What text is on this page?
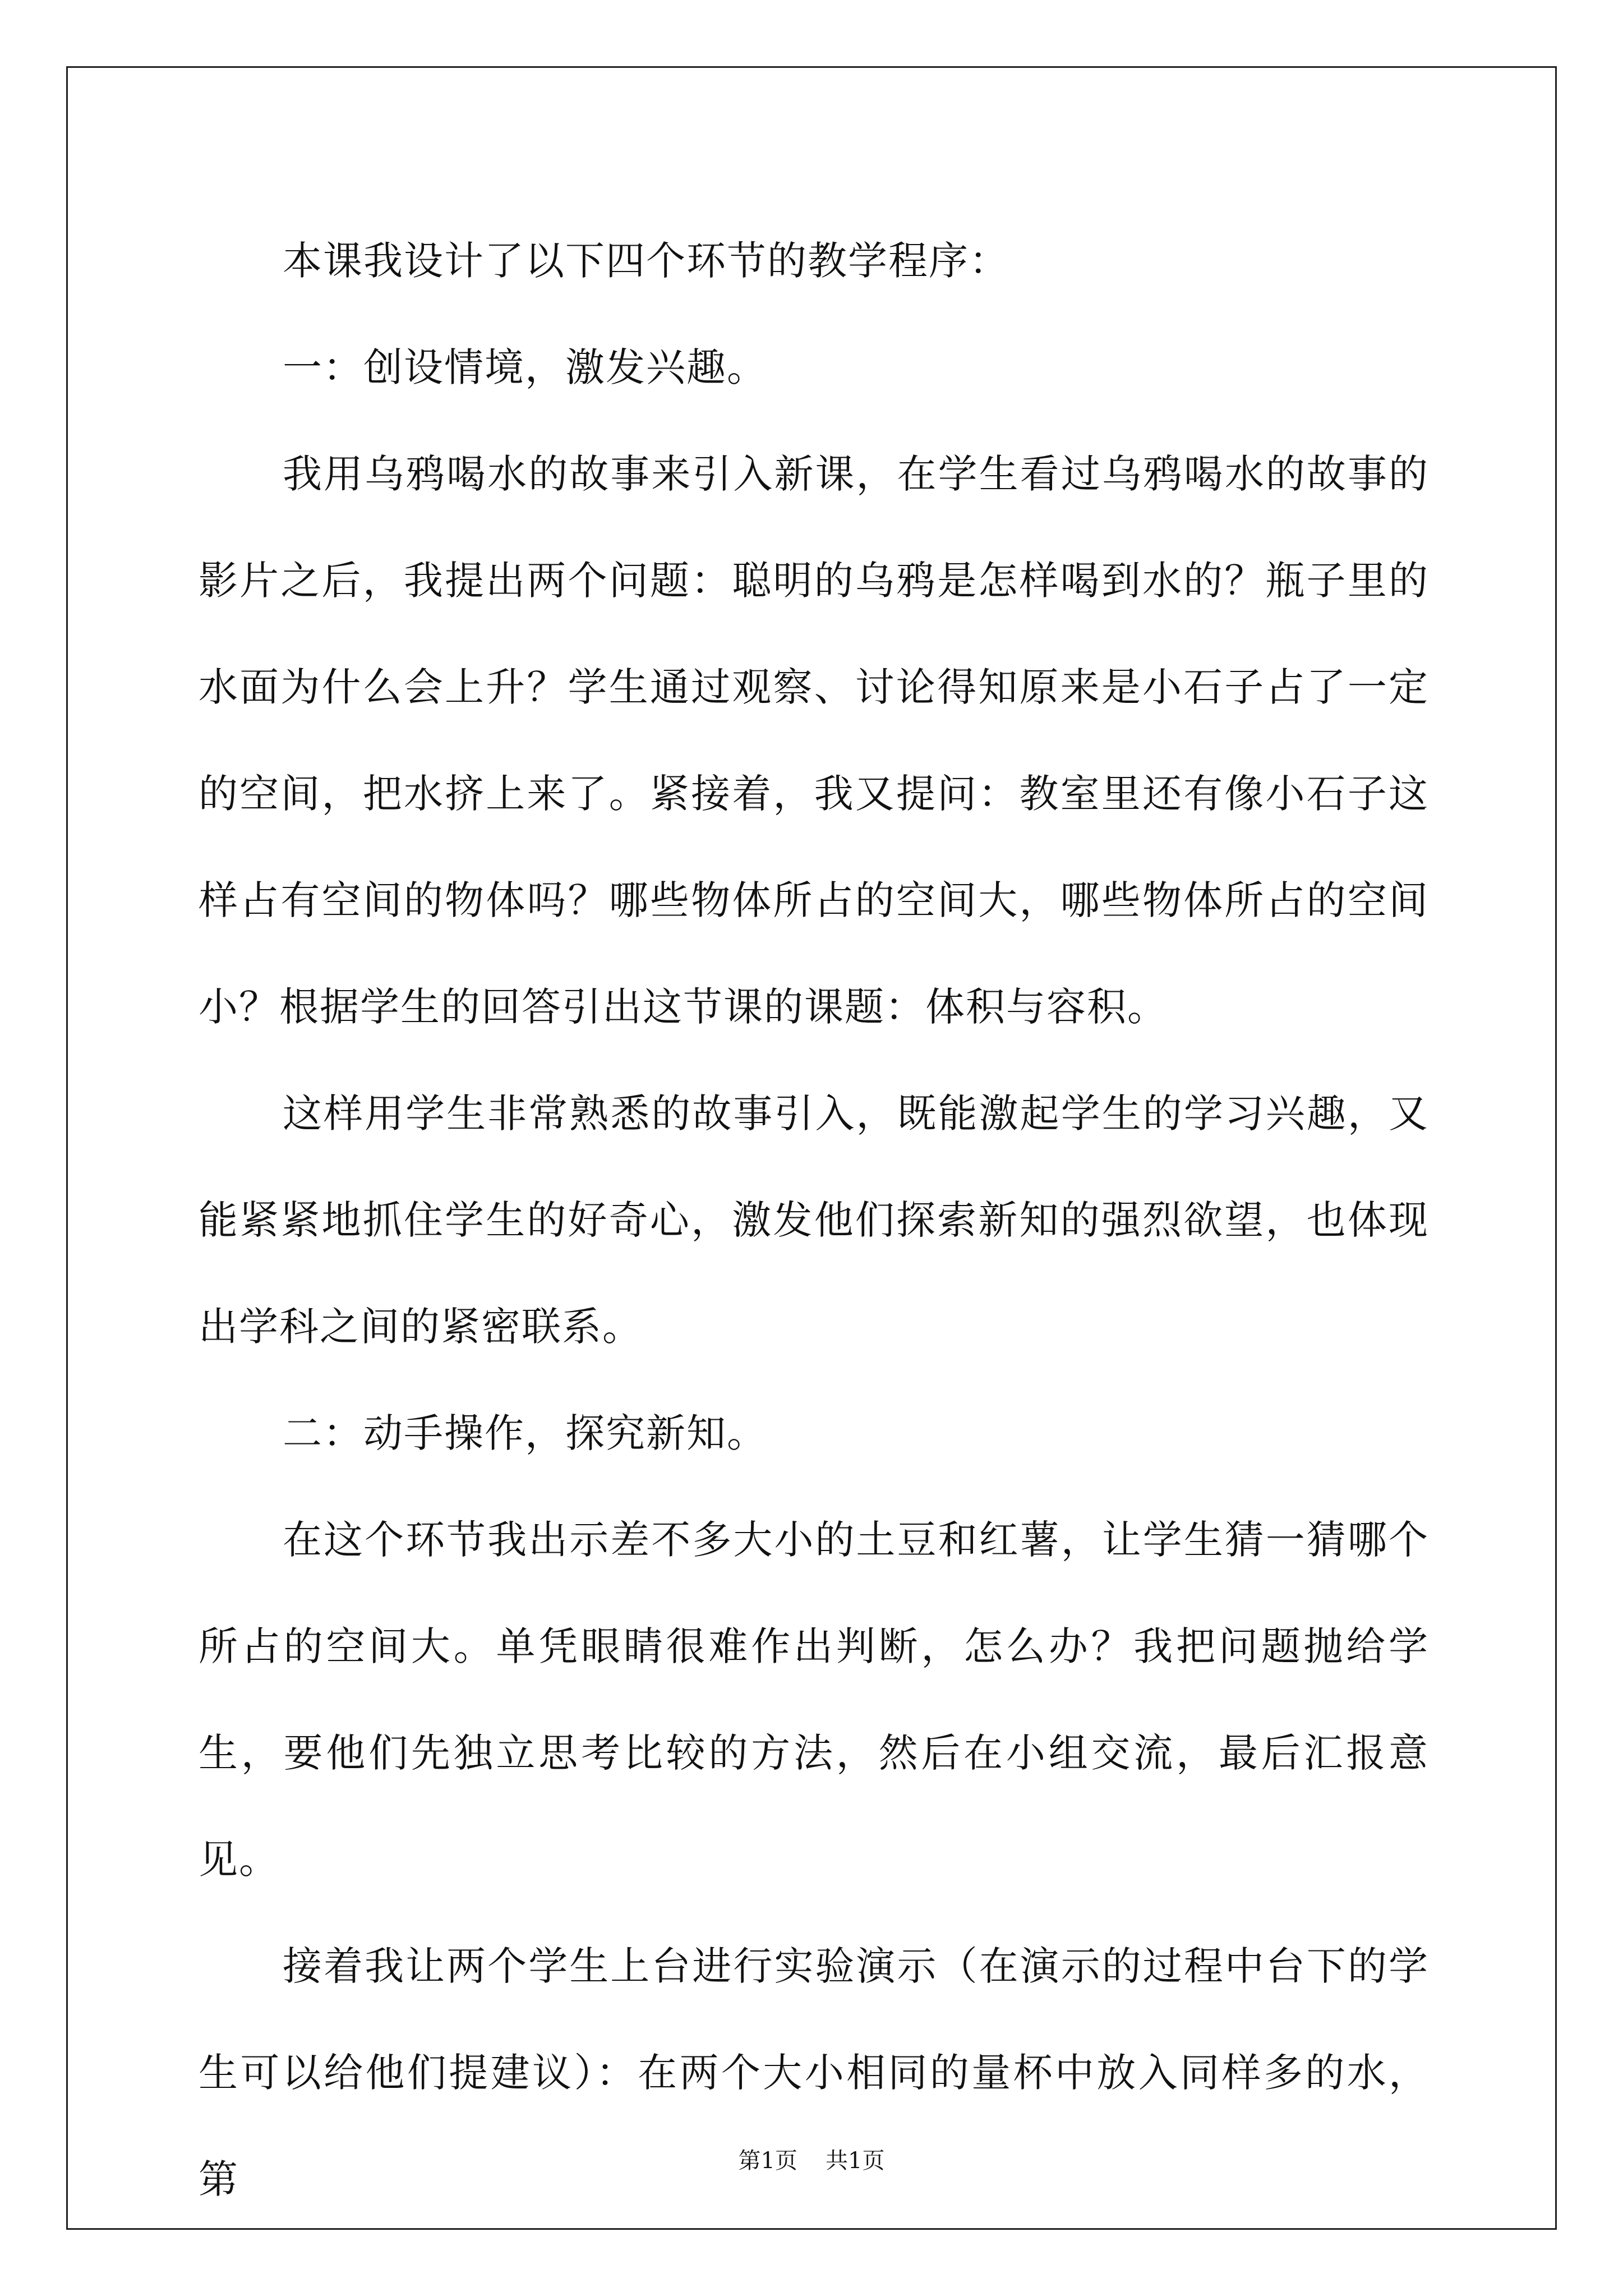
本课我设计了以下四个环节的教学程序：

一：创设情境，激发兴趣。

我用乌鸦喝水的故事来引入新课，在学生看过乌鸦喝水的故事的影片之后，我提出两个问题：聪明的乌鸦是怎样喝到水的？瓶子里的水面为什么会上升？学生通过观察、讨论得知原来是小石子占了一定的空间，把水挤上来了。紧接着，我又提问：教室里还有像小石子这样占有空间的物体吗？哪些物体所占的空间大，哪些物体所占的空间小？根据学生的回答引出这节课的课题：体积与容积。

这样用学生非常熟悉的故事引入，既能激起学生的学习兴趣，又能紧紧地抓住学生的好奇心，激发他们探索新知的强烈欲望，也体现出学科之间的紧密联系。

二：动手操作，探究新知。

在这个环节我出示差不多大小的土豆和红薯，让学生猜一猜哪个所占的空间大。单凭眼睛很难作出判断，怎么办？我把问题抛给学生，要他们先独立思考比较的方法，然后在小组交流，最后汇报意见。

接着我让两个学生上台进行实验演示（在演示的过程中台下的学生可以给他们提建议）：在两个大小相同的量杯中放入同样多的水，第	第1页 共1页
